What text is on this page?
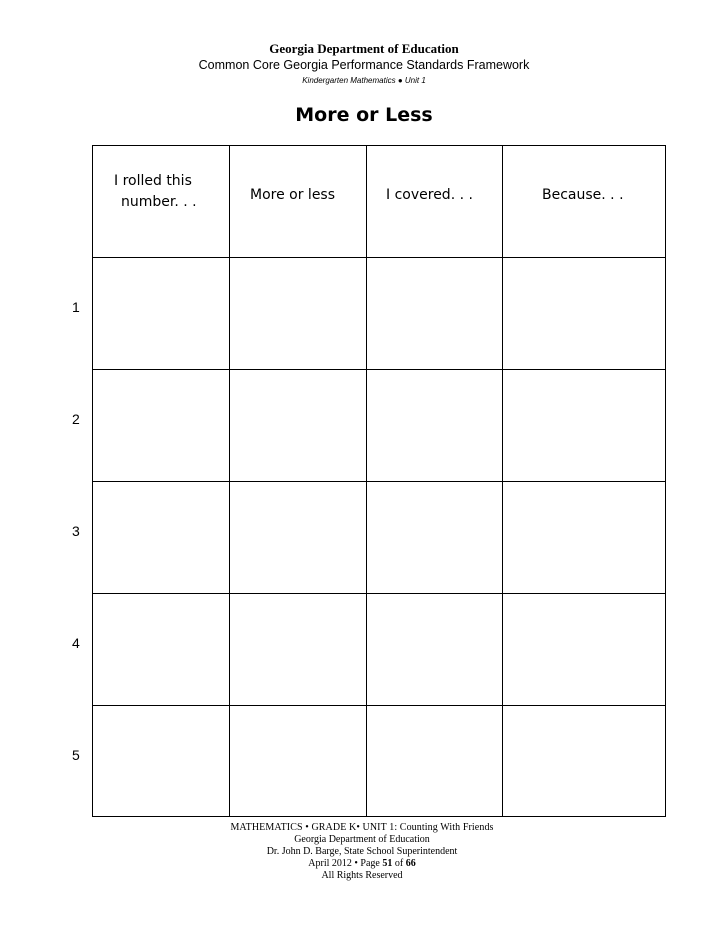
Georgia Department of Education
Common Core Georgia Performance Standards Framework
Kindergarten Mathematics ● Unit 1
More or Less
I rolled this
number. . .	More or less	I covered. . .	Because. . .
1
2
3
4
5
MATHEMATICS • GRADE K• UNIT 1: Counting With Friends
Georgia Department of Education
Dr. John D. Barge, State School Superintendent
April 2012 • Page 51 of 66
All Rights Reserved
